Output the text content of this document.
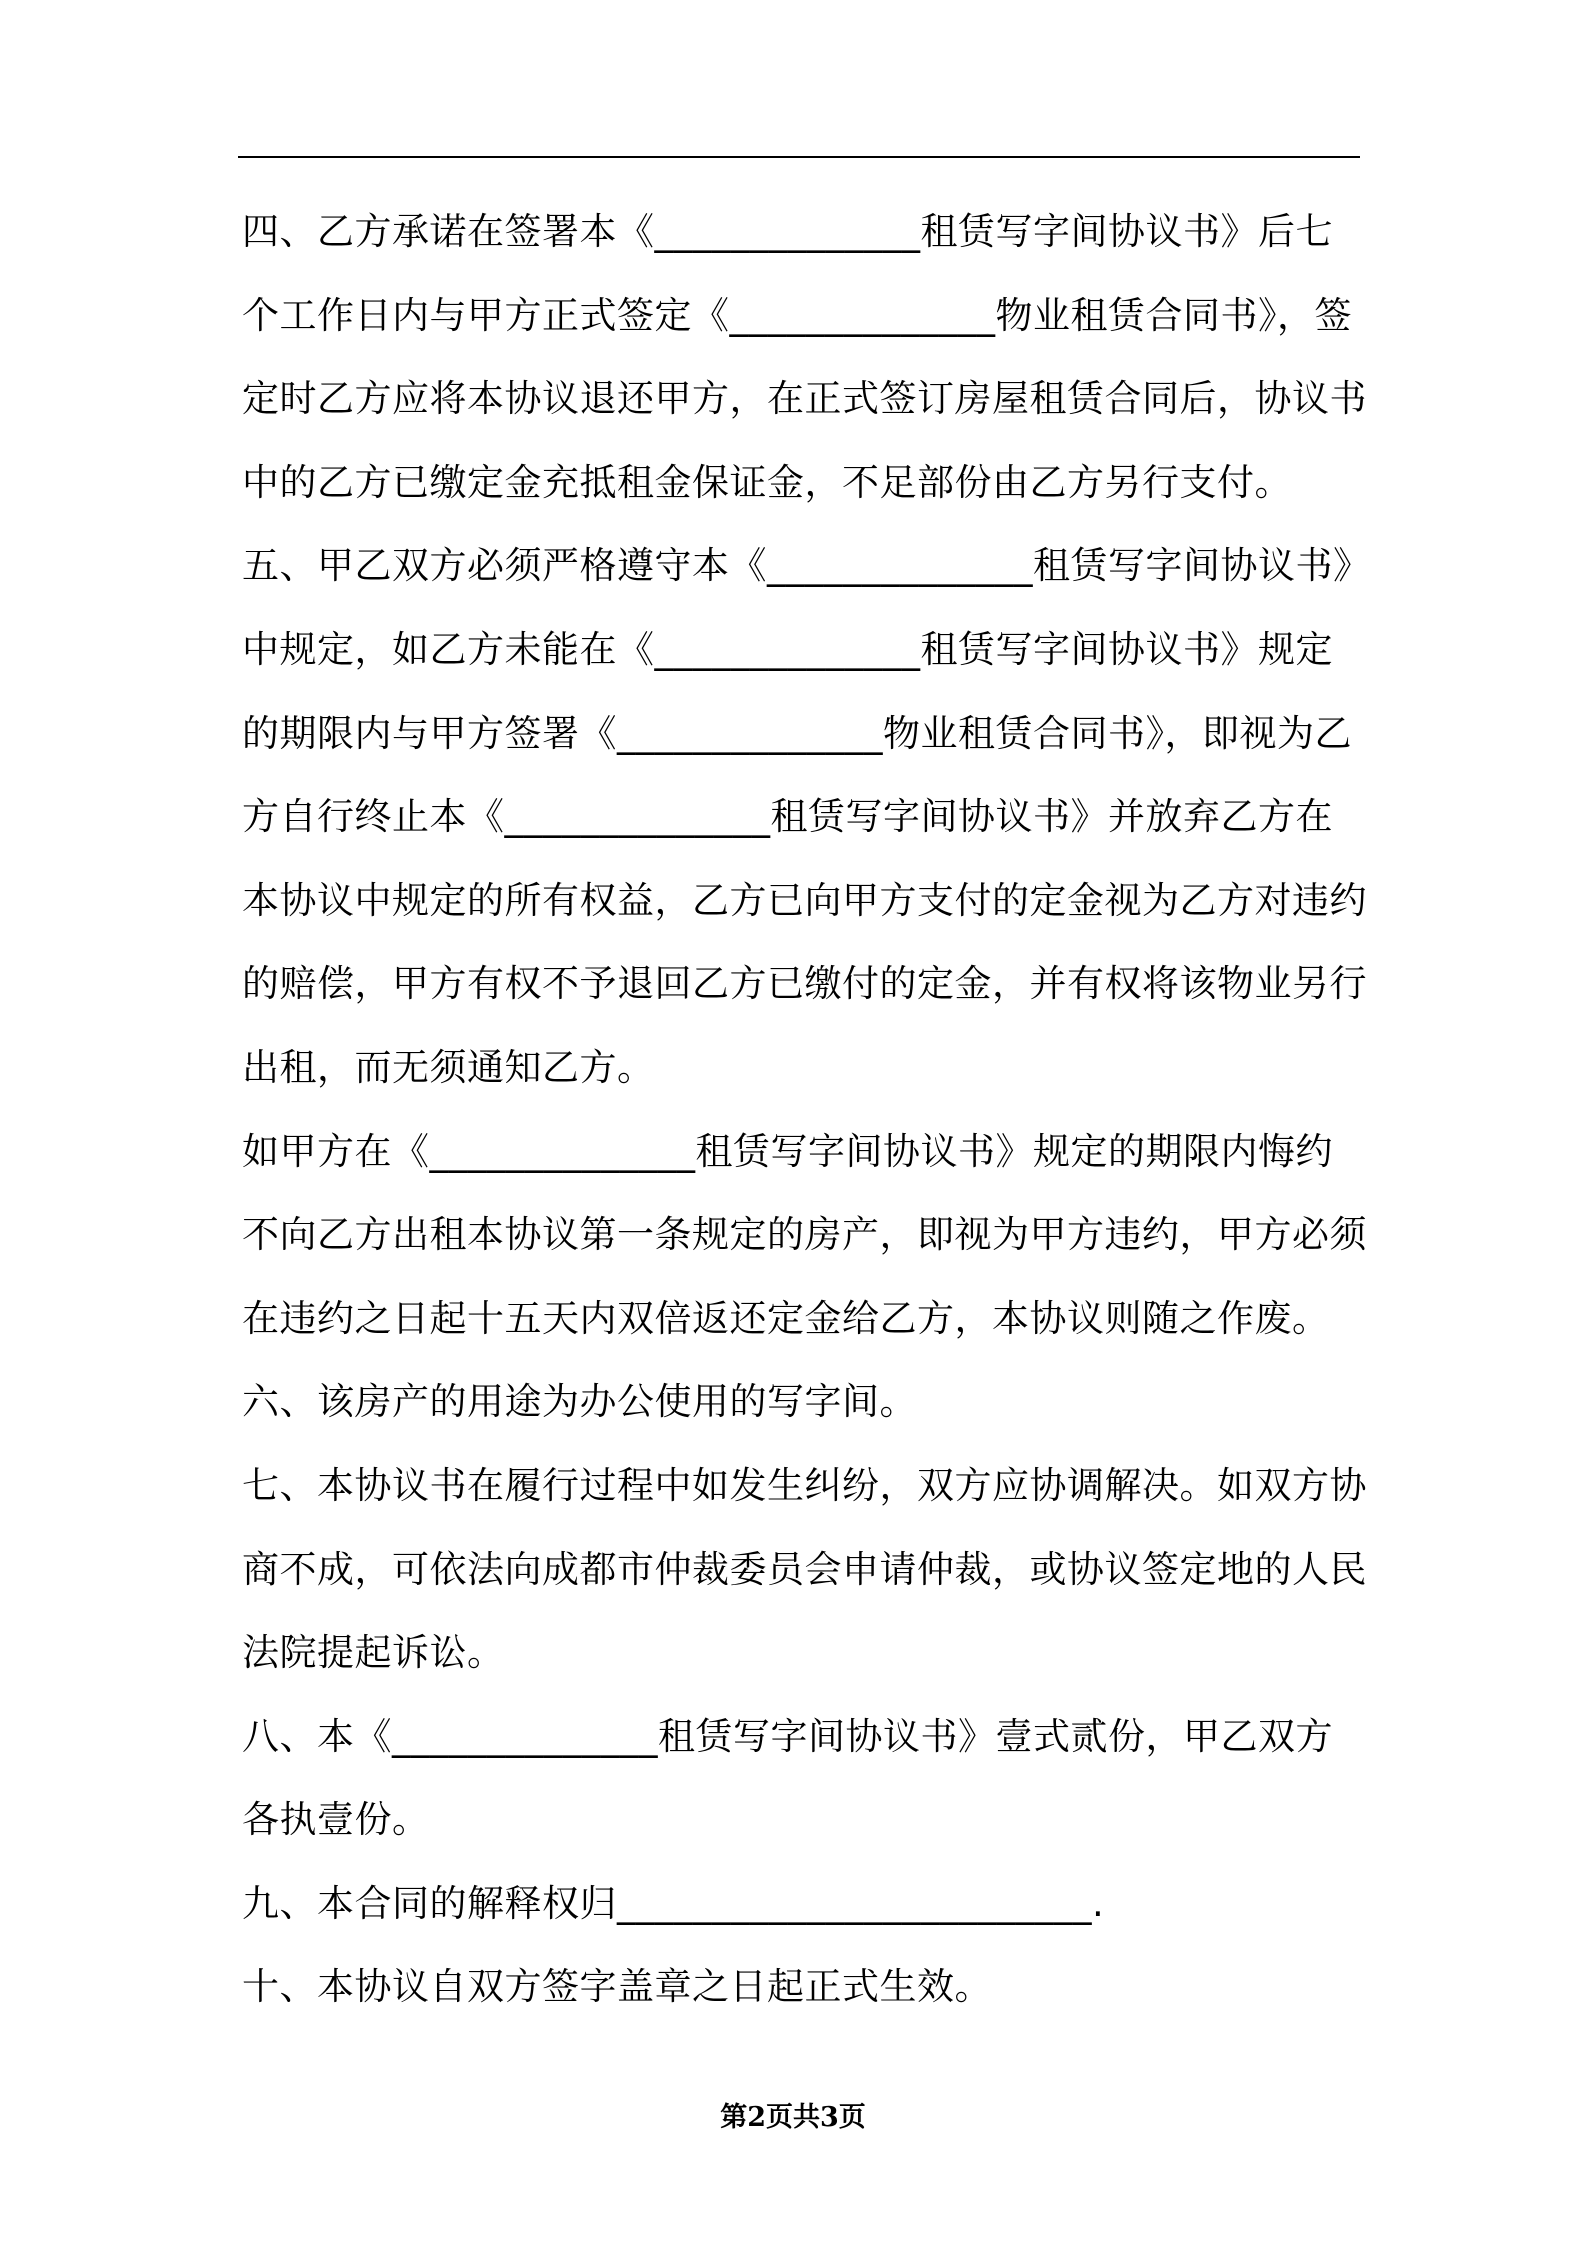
四、乙方承诺在签署本《______________租赁写字间协议书》后七个工作日内与甲方正式签定《______________物业租赁合同书》，签定时乙方应将本协议退还甲方，在正式签订房屋租赁合同后，协议书中的乙方已缴定金充抵租金保证金，不足部份由乙方另行支付。

五、甲乙双方必须严格遵守本《______________租赁写字间协议书》中规定，如乙方未能在《______________租赁写字间协议书》规定的期限内与甲方签署《______________物业租赁合同书》，即视为乙方自行终止本《______________租赁写字间协议书》并放弃乙方在本协议中规定的所有权益，乙方已向甲方支付的定金视为乙方对违约的赔偿，甲方有权不予退回乙方已缴付的定金，并有权将该物业另行出租，而无须通知乙方。

如甲方在《______________租赁写字间协议书》规定的期限内悔约不向乙方出租本协议第一条规定的房产，即视为甲方违约，甲方必须在违约之日起十五天内双倍返还定金给乙方，本协议则随之作废。

六、该房产的用途为办公使用的写字间。

七、本协议书在履行过程中如发生纠纷，双方应协调解决。如双方协商不成，可依法向成都市仲裁委员会申请仲裁，或协议签定地的人民法院提起诉讼。

八、本《______________租赁写字间协议书》壹式贰份，甲乙双方各执壹份。

九、本合同的解释权归_________________________.

十、本协议自双方签字盖章之日起正式生效。

第2页共3页
